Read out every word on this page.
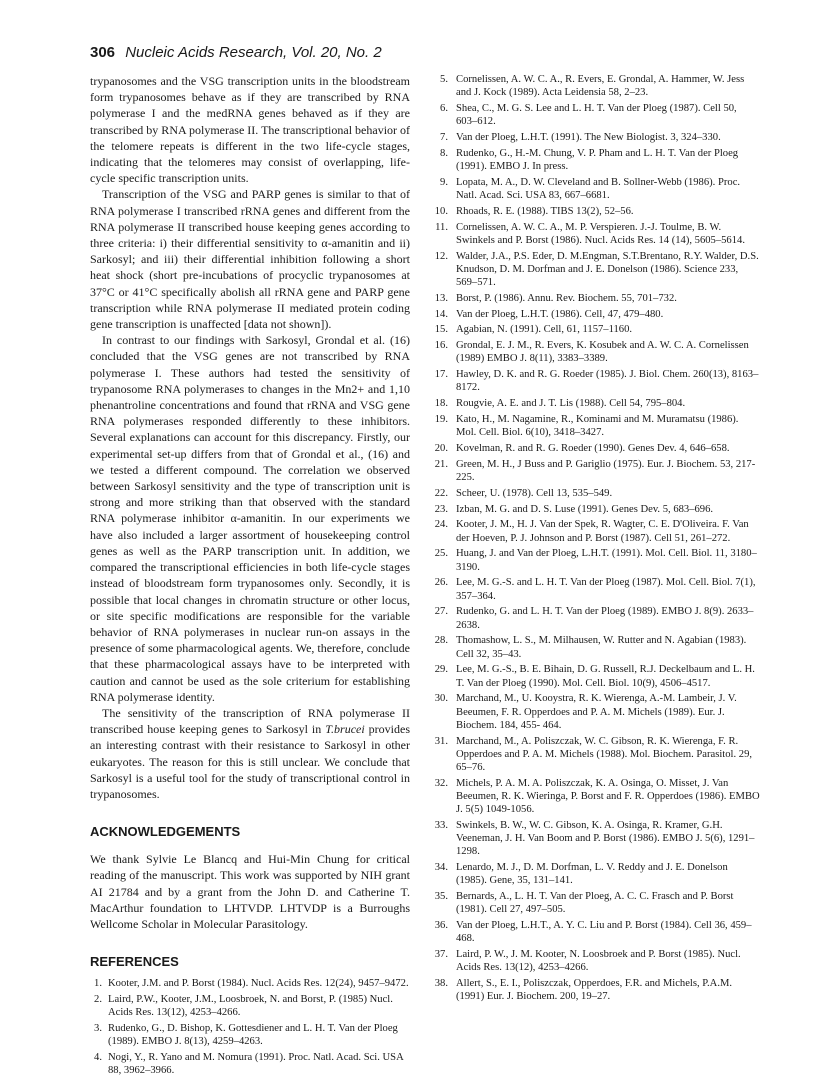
306 Nucleic Acids Research, Vol. 20, No. 2

trypanosomes and the VSG transcription units in the bloodstream form trypanosomes behave as if they are transcribed by RNA polymerase I and the medRNA genes behaved as if they are transcribed by RNA polymerase II. The transcriptional behavior of the telomere repeats is different in the two life-cycle stages, indicating that the telomeres may consist of overlapping, life-cycle specific transcription units.

Transcription of the VSG and PARP genes is similar to that of RNA polymerase I transcribed rRNA genes and different from the RNA polymerase II transcribed house keeping genes according to three criteria: i) their differential sensitivity to α-amanitin and ii) Sarkosyl; and iii) their differential inhibition following a short heat shock (short pre-incubations of procyclic trypanosomes at 37°C or 41°C specifically abolish all rRNA gene and PARP gene transcription while RNA polymerase II mediated protein coding gene transcription is unaffected [data not shown]).

In contrast to our findings with Sarkosyl, Grondal et al. (16) concluded that the VSG genes are not transcribed by RNA polymerase I. These authors had tested the sensitivity of trypanosome RNA polymerases to changes in the Mn2+ and 1,10 phenantroline concentrations and found that rRNA and VSG gene RNA polymerases responded differently to these inhibitors. Several explanations can account for this discrepancy. Firstly, our experimental set-up differs from that of Grondal et al., (16) and we tested a different compound. The correlation we observed between Sarkosyl sensitivity and the type of transcription unit is strong and more striking than that observed with the standard RNA polymerase inhibitor α-amanitin. In our experiments we have also included a larger assortment of housekeeping control genes as well as the PARP transcription unit. In addition, we compared the transcriptional efficiencies in both life-cycle stages instead of bloodstream form trypanosomes only. Secondly, it is possible that local changes in chromatin structure or other locus, or site specific modifications are responsible for the variable behavior of RNA polymerases in nuclear run-on assays in the presence of some pharmacological agents. We, therefore, conclude that these pharmacological assays have to be interpreted with caution and cannot be used as the sole criterium for establishing RNA polymerase identity.

The sensitivity of the transcription of RNA polymerase II transcribed house keeping genes to Sarkosyl in T.brucei provides an interesting contrast with their resistance to Sarkosyl in other eukaryotes. The reason for this is still unclear. We conclude that Sarkosyl is a useful tool for the study of transcriptional control in trypanosomes.

ACKNOWLEDGEMENTS

We thank Sylvie Le Blancq and Hui-Min Chung for critical reading of the manuscript. This work was supported by NIH grant AI 21784 and by a grant from the John D. and Catherine T. MacArthur foundation to LHTVDP. LHTVDP is a Burroughs Wellcome Scholar in Molecular Parasitology.

REFERENCES
1. Kooter, J.M. and P. Borst (1984). Nucl. Acids Res. 12(24), 9457–9472.
2. Laird, P.W., Kooter, J.M., Loosbroek, N. and Borst, P. (1985) Nucl. Acids Res. 13(12), 4253–4266.
3. Rudenko, G., D. Bishop, K. Gottesdiener and L. H. T. Van der Ploeg (1989). EMBO J. 8(13), 4259–4263.
4. Nogi, Y., R. Yano and M. Nomura (1991). Proc. Natl. Acad. Sci. USA 88, 3962–3966.
5. Cornelissen, A. W. C. A., R. Evers, E. Grondal, A. Hammer, W. Jess and J. Kock (1989). Acta Leidensia 58, 2–23.
6. Shea, C., M. G. S. Lee and L. H. T. Van der Ploeg (1987). Cell 50, 603–612.
7. Van der Ploeg, L.H.T. (1991). The New Biologist. 3, 324–330.
8. Rudenko, G., H.-M. Chung, V. P. Pham and L. H. T. Van der Ploeg (1991). EMBO J. In press.
9. Lopata, M. A., D. W. Cleveland and B. Sollner-Webb (1986). Proc. Natl. Acad. Sci. USA 83, 667–6681.
10. Rhoads, R. E. (1988). TIBS 13(2), 52–56.
11. Cornelissen, A. W. C. A., M. P. Verspieren. J.-J. Toulme, B. W. Swinkels and P. Borst (1986). Nucl. Acids Res. 14 (14), 5605–5614.
12. Walder, J.A., P.S. Eder, D. M.Engman, S.T.Brentano, R.Y. Walder, D.S. Knudson, D. M. Dorfman and J. E. Donelson (1986). Science 233, 569–571.
13. Borst, P. (1986). Annu. Rev. Biochem. 55, 701–732.
14. Van der Ploeg, L.H.T. (1986). Cell, 47, 479–480.
15. Agabian, N. (1991). Cell, 61, 1157–1160.
16. Grondal, E. J. M., R. Evers, K. Kosubek and A. W. C. A. Cornelissen (1989) EMBO J. 8(11), 3383–3389.
17. Hawley, D. K. and R. G. Roeder (1985). J. Biol. Chem. 260(13), 8163–8172.
18. Rougvie, A. E. and J. T. Lis (1988). Cell 54, 795–804.
19. Kato, H., M. Nagamine, R., Kominami and M. Muramatsu (1986). Mol. Cell. Biol. 6(10), 3418–3427.
20. Kovelman, R. and R. G. Roeder (1990). Genes Dev. 4, 646–658.
21. Green, M. H., J Buss and P. Gariglio (1975). Eur. J. Biochem. 53, 217-225.
22. Scheer, U. (1978). Cell 13, 535–549.
23. Izban, M. G. and D. S. Luse (1991). Genes Dev. 5, 683–696.
24. Kooter, J. M., H. J. Van der Spek, R. Wagter, C. E. D'Oliveira. F. Van der Hoeven, P. J. Johnson and P. Borst (1987). Cell 51, 261–272.
25. Huang, J. and Van der Ploeg, L.H.T. (1991). Mol. Cell. Biol. 11, 3180–3190.
26. Lee, M. G.-S. and L. H. T. Van der Ploeg (1987). Mol. Cell. Biol. 7(1), 357–364.
27. Rudenko, G. and L. H. T. Van der Ploeg (1989). EMBO J. 8(9). 2633–2638.
28. Thomashow, L. S., M. Milhausen, W. Rutter and N. Agabian (1983). Cell 32, 35–43.
29. Lee, M. G.-S., B. E. Bihain, D. G. Russell, R.J. Deckelbaum and L. H. T. Van der Ploeg (1990). Mol. Cell. Biol. 10(9), 4506–4517.
30. Marchand, M., U. Kooystra, R. K. Wierenga, A.-M. Lambeir, J. V. Beeumen, F. R. Opperdoes and P. A. M. Michels (1989). Eur. J. Biochem. 184, 455- 464.
31. Marchand, M., A. Poliszczak, W. C. Gibson, R. K. Wierenga, F. R. Opperdoes and P. A. M. Michels (1988). Mol. Biochem. Parasitol. 29, 65–76.
32. Michels, P. A. M. A. Poliszczak, K. A. Osinga, O. Misset, J. Van Beeumen, R. K. Wieringa, P. Borst and F. R. Opperdoes (1986). EMBO J. 5(5) 1049-1056.
33. Swinkels, B. W., W. C. Gibson, K. A. Osinga, R. Kramer, G.H. Veeneman, J. H. Van Boom and P. Borst (1986). EMBO J. 5(6), 1291–1298.
34. Lenardo, M. J., D. M. Dorfman, L. V. Reddy and J. E. Donelson (1985). Gene, 35, 131–141.
35. Bernards, A., L. H. T. Van der Ploeg, A. C. C. Frasch and P. Borst (1981). Cell 27, 497–505.
36. Van der Ploeg, L.H.T., A. Y. C. Liu and P. Borst (1984). Cell 36, 459–468.
37. Laird, P. W., J. M. Kooter, N. Loosbroek and P. Borst (1985). Nucl. Acids Res. 13(12), 4253–4266.
38. Allert, S., E. I., Poliszczak, Opperdoes, F.R. and Michels, P.A.M. (1991) Eur. J. Biochem. 200, 19–27.
